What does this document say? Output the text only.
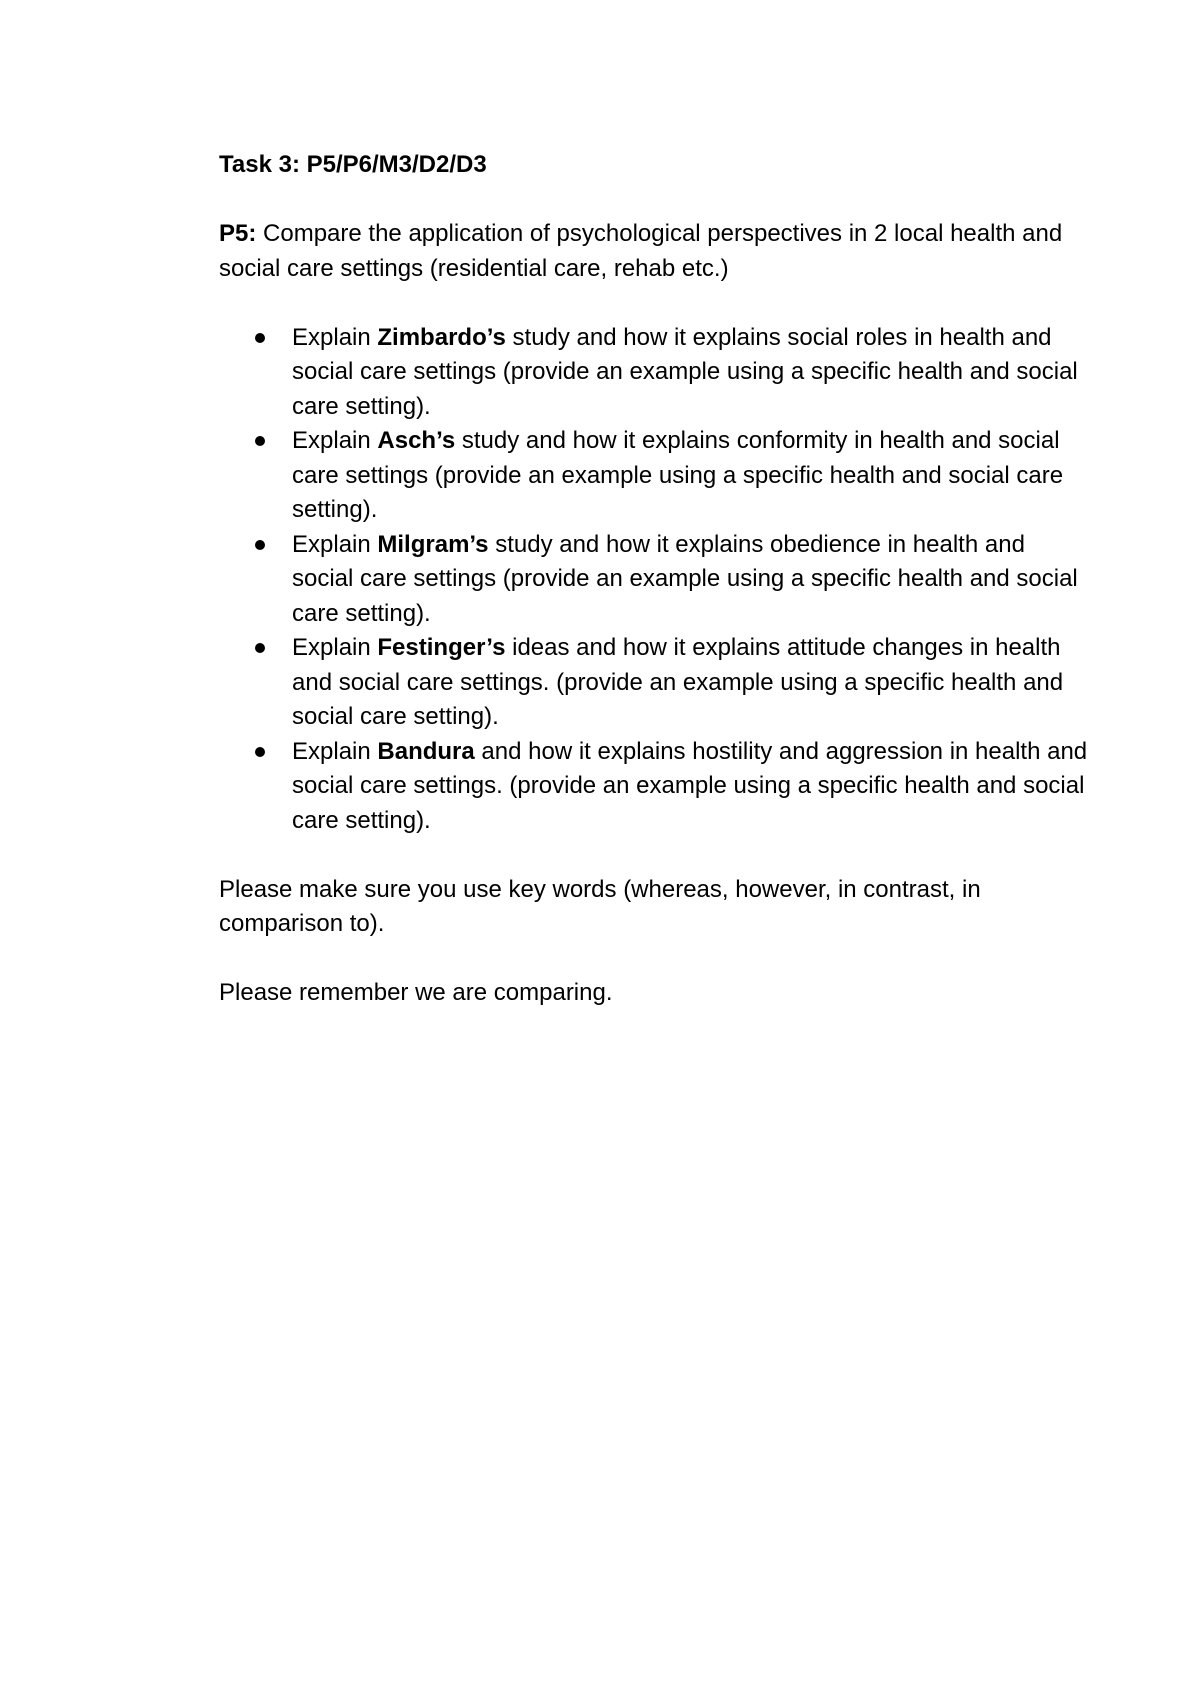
Task 3: P5/P6/M3/D2/D3

P5: Compare the application of psychological perspectives in 2 local health and social care settings (residential care, rehab etc.)

Explain Zimbardo’s study and how it explains social roles in health and social care settings (provide an example using a specific health and social care setting).
Explain Asch’s study and how it explains conformity in health and social care settings (provide an example using a specific health and social care setting).
Explain Milgram’s study and how it explains obedience in health and social care settings (provide an example using a specific health and social care setting).
Explain Festinger’s ideas and how it explains attitude changes in health and social care settings. (provide an example using a specific health and social care setting).
Explain Bandura and how it explains hostility and aggression in health and social care settings. (provide an example using a specific health and social care setting).

Please make sure you use key words (whereas, however, in contrast, in comparison to).

Please remember we are comparing.
